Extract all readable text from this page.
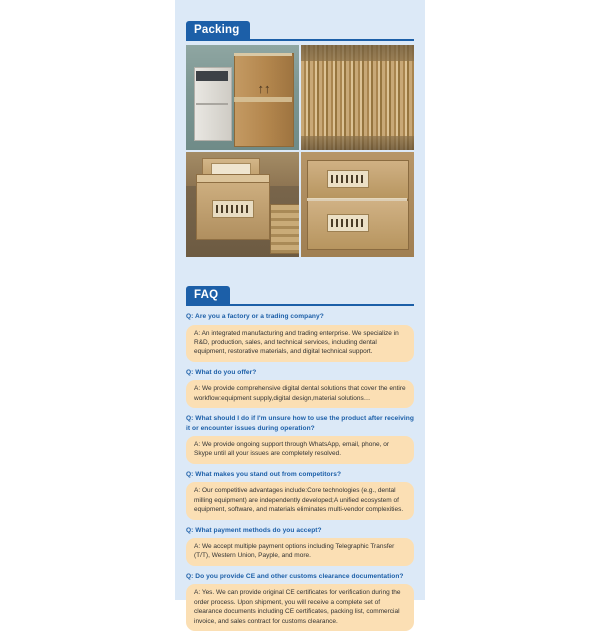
Packing
↑↑
FAQ

Q: Are you a factory or a trading company?

A: An integrated manufacturing and trading enterprise. We specialize in R&D, production, sales, and technical services, including dental equipment, restorative materials, and digital technical support.

Q: What do you offer?

A: We provide comprehensive digital dental solutions that cover the entire workflow:equipment supply,digital design,material solutions…

Q: What should I do if I'm unsure how to use the product after receiving it or encounter issues during operation?

A: We provide ongoing support through WhatsApp, email, phone, or Skype until all your issues are completely resolved.

Q: What makes you stand out from competitors?

A: Our competitive advantages include:Core technologies (e.g., dental milling equipment) are independently developed;A unified ecosystem of equipment, software, and materials eliminates multi-vendor complexities.

Q: What payment methods do you accept?

A: We accept multiple payment options including Telegraphic Transfer (T/T), Western Union, Payple, and more.

Q: Do you provide CE and other customs clearance documentation?

A: Yes. We can provide original CE certificates for verification during the order process. Upon shipment, you will receive a complete set of clearance documents including CE certificates, packing list, commercial invoice, and sales contract for customs clearance.
